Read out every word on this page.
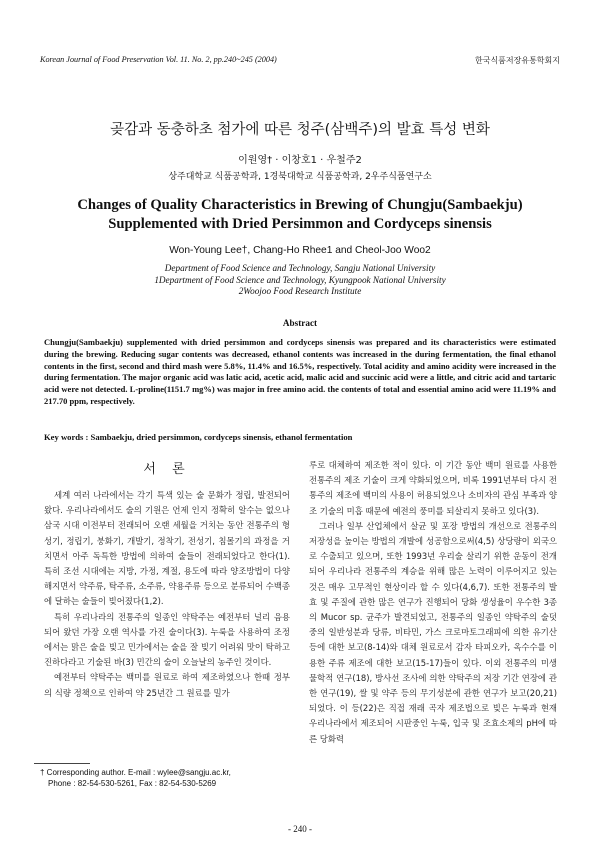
Korean Journal of Food Preservation Vol. 11. No. 2, pp.240~245 (2004)	한국식품저장유통학회지
곶감과 동충하초 첨가에 따른 청주(삼백주)의 발효 특성 변화
이원영† · 이창호1 · 우철주2
상주대학교 식품공학과, 1경북대학교 식품공학과, 2우주식품연구소
Changes of Quality Characteristics in Brewing of Chungju(Sambaekju) Supplemented with Dried Persimmon and Cordyceps sinensis
Won-Young Lee†, Chang-Ho Rhee1 and Cheol-Joo Woo2
Department of Food Science and Technology, Sangju National University
1Department of Food Science and Technology, Kyungpook National University
2Woojoo Food Research Institute
Abstract
Chungju(Sambaekju) supplemented with dried persimmon and cordyceps sinensis was prepared and its characteristics were estimated during the brewing. Reducing sugar contents was decreased, ethanol contents was increased in the during fermentation, the final ethanol contents in the first, second and third mash were 5.8%, 11.4% and 16.5%, respectively. Total acidity and amino acidity were increased in the during fermentation. The major organic acid was latic acid, acetic acid, malic acid and succinic acid were a little, and citric acid and tartaric acid were not detected. L-proline(1151.7 mg%) was major in free amino acid. the contents of total and essential amino acid were 11.19% and 217.70 ppm, respectively.
Key words : Sambaekju, dried persimmon, cordyceps sinensis, ethanol fermentation
서 론

세계 여러 나라에서는 각기 특색 있는 술 문화가 정립, 발전되어 왔다. 우리나라에서도 술의 기원은 언제 인지 정확히 알수는 없으나 삼국 시대 이전부터 전래되어 오랜 세월을 거치는 동안 전통주의 형성기, 정립기, 붕화기, 개발기, 정착기, 전성기, 침몰기의 과정을 거치면서 아주 독특한 방법에 의하여 술들이 전래되었다고 한다(1). 특히 조선 시대에는 지방, 가정, 계절, 용도에 따라 양조방법이 다양해지면서 약주류, 탁주류, 소주류, 약용주류 등으로 분류되어 수백종에 달하는 술들이 빚어졌다(1,2).

특히 우리나라의 전통주의 일종인 약탁주는 예전부터 널리 음용 되어 왔던 가장 오랜 역사를 가진 술이다(3). 누룩을 사용하여 조정에서는 맑은 술을 빚고 민가에서는 술을 잘 빚기 어려워 맛이 탁하고 진하다라고 기술된 바(3) 민간의 술이 오늘날의 농주인 것이다.

예전부터 약탁주는 백미를 원료로 하여 제조하였으나 한때 정부의 식량 정책으로 인하여 약 25년간 그 원료를 밀가

루로 대체하여 제조한 적이 있다. 이 기간 동안 백미 원료를 사용한 전통주의 제조 기술이 크게 약화되었으며, 비록 1991년부터 다시 전통주의 제조에 백미의 사용이 허용되었으나 소비자의 관심 부족과 양조 기술의 미흡 때문에 예전의 풍미를 되살리지 못하고 있다(3).

그러나 일부 산업체에서 살균 및 포장 방법의 개선으로 전통주의 저장성을 높이는 방법의 개발에 성공함으로써(4,5) 상당량이 외국으로 수출되고 있으며, 또한 1993년 우리술 살리기 위한 운동이 전개되어 우리나라 전통주의 계승을 위해 많은 노력이 이루어지고 있는 것은 매우 고무적인 현상이라 할 수 있다(4,6,7). 또한 전통주의 발효 및 주질에 관한 많은 연구가 진행되어 당화 생성율이 우수한 3종의 Mucor sp. 균주가 발견되었고, 전통주의 일종인 약탁주의 술덧중의 일반성분과 당류, 비타민, 가스 크로마토그래피에 의한 유기산등에 대한 보고(8-14)와 대체 원료로서 감자 타피오카, 옥수수를 이용한 주류 제조에 대한 보고(15-17)들이 있다. 이외 전통주의 미생물학적 연구(18), 방사선 조사에 의한 약탁주의 저장 기간 연장에 관한 연구(19), 쌀 및 약주 등의 무기성분에 관한 연구가 보고(20,21)되었다. 이 등(22)은 직접 재래 곡자 제조법으로 빚은 누룩과 현재 우리나라에서 제조되어 시판중인 누룩, 입국 및 조효소제의 pH에 따른 당화력

† Corresponding author. E-mail : wylee@sangju.ac.kr,
Phone : 82-54-530-5261, Fax : 82-54-530-5269
- 240 -
